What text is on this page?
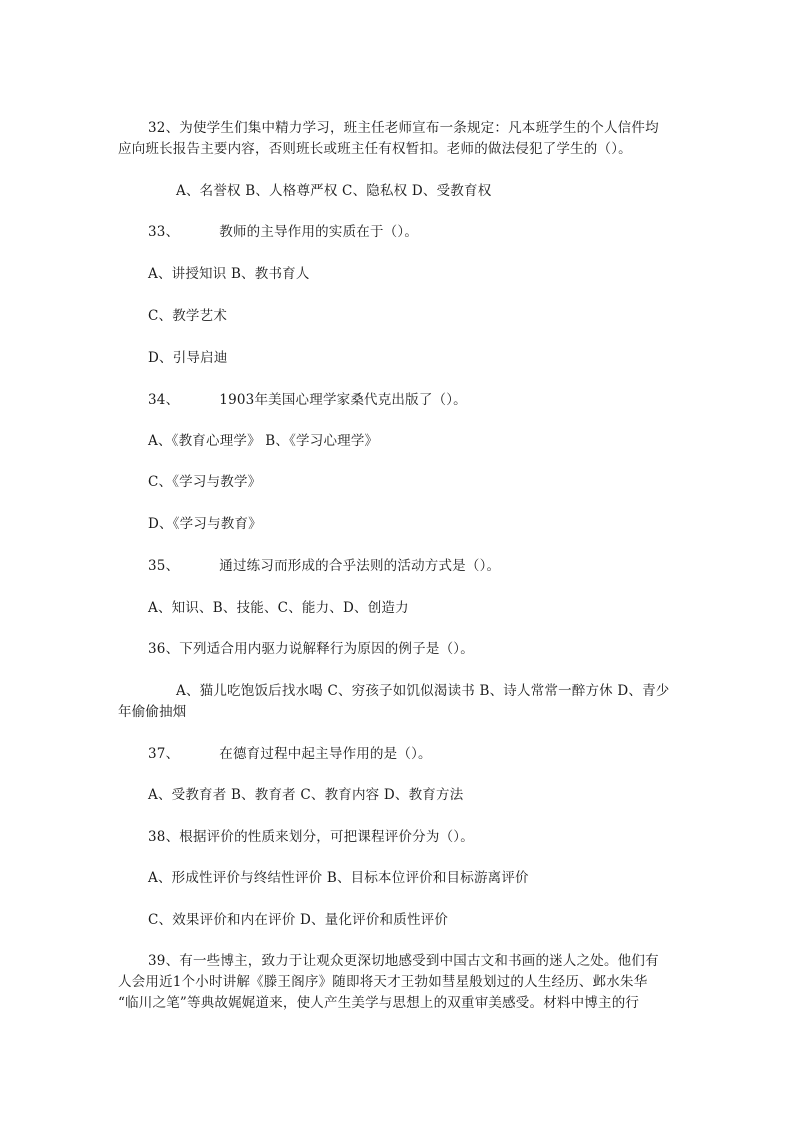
32、为使学生们集中精力学习，班主任老师宣布一条规定：凡本班学生的个人信件均
应向班长报告主要内容，否则班长或班主任有权暂扣。老师的做法侵犯了学生的（）。
A、名誉权 B、人格尊严权 C、隐私权 D、受教育权
33、	教师的主导作用的实质在于（）。
A、讲授知识 B、教书育人
C、教学艺术
D、引导启迪
34、	1903年美国心理学家桑代克出版了（）。
A、《教育心理学》 B、《学习心理学》
C、《学习与教学》
D、《学习与教育》
35、	通过练习而形成的合乎法则的活动方式是（）。
A、知识、B、技能、C、能力、D、创造力
36、下列适合用内驱力说解释行为原因的例子是（）。
A、猫儿吃饱饭后找水喝 C、穷孩子如饥似渴读书 B、诗人常常一醉方休 D、青少
年偷偷抽烟
37、	在德育过程中起主导作用的是（）。
A、受教育者 B、教育者 C、教育内容 D、教育方法
38、根据评价的性质来划分，可把课程评价分为（）。
A、形成性评价与终结性评价 B、目标本位评价和目标游离评价
C、效果评价和内在评价 D、量化评价和质性评价
39、有一些博主，致力于让观众更深切地感受到中国古文和书画的迷人之处。他们有
人会用近1个小时讲解《滕王阁序》随即将天才王勃如彗星般划过的人生经历、邺水朱华
“临川之笔”等典故娓娓道来，使人产生美学与思想上的双重审美感受。材料中博主的行
